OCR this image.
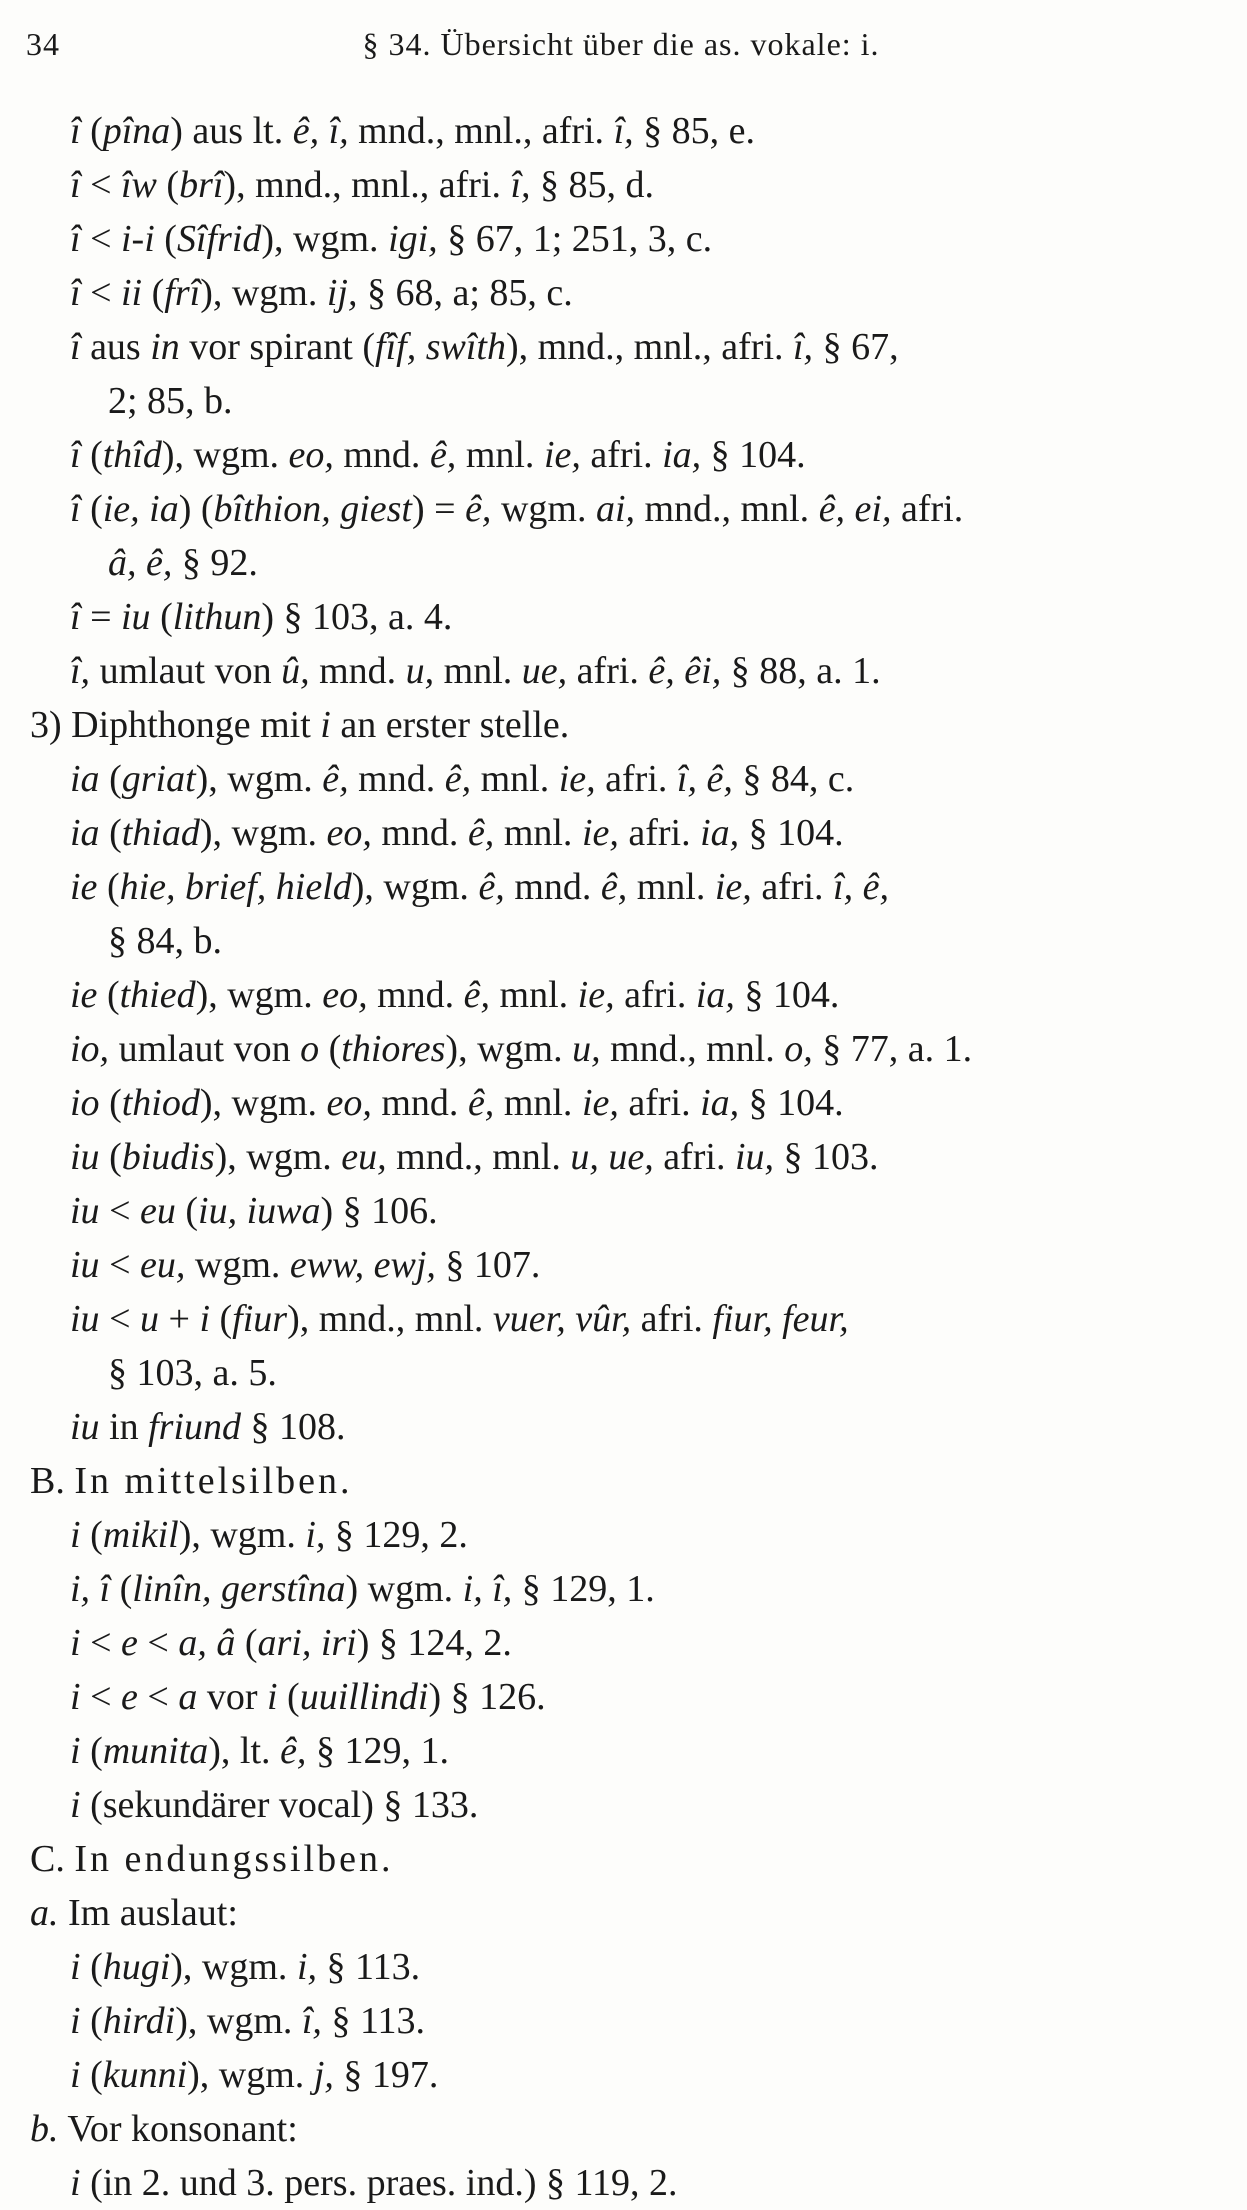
34	§ 34. Übersicht über die as. vokale: i.
î (pîna) aus lt. ê, î, mnd., mnl., afri. î, § 85, e.
î < îw (brî), mnd., mnl., afri. î, § 85, d.
î < i-i (Sîfrid), wgm. igi, § 67, 1; 251, 3, c.
î < ii (frî), wgm. ij, § 68, a; 85, c.
î aus in vor spirant (fîf, swîth), mnd., mnl., afri. î, § 67,
2; 85, b.
î (thîd), wgm. eo, mnd. ê, mnl. ie, afri. ia, § 104.
î (ie, ia) (bîthion, giest) = ê, wgm. ai, mnd., mnl. ê, ei, afri.
â, ê, § 92.
î = iu (lithun) § 103, a. 4.
î, umlaut von û, mnd. u, mnl. ue, afri. ê, êi, § 88, a. 1.
3) Diphthonge mit i an erster stelle.
ia (griat), wgm. ê, mnd. ê, mnl. ie, afri. î, ê, § 84, c.
ia (thiad), wgm. eo, mnd. ê, mnl. ie, afri. ia, § 104.
ie (hie, brief, hield), wgm. ê, mnd. ê, mnl. ie, afri. î, ê,
§ 84, b.
ie (thied), wgm. eo, mnd. ê, mnl. ie, afri. ia, § 104.
io, umlaut von o (thiores), wgm. u, mnd., mnl. o, § 77, a. 1.
io (thiod), wgm. eo, mnd. ê, mnl. ie, afri. ia, § 104.
iu (biudis), wgm. eu, mnd., mnl. u, ue, afri. iu, § 103.
iu < eu (iu, iuwa) § 106.
iu < eu, wgm. eww, ewj, § 107.
iu < u + i (fiur), mnd., mnl. vuer, vûr, afri. fiur, feur,
§ 103, a. 5.
iu in friund § 108.
B. In mittelsilben.
i (mikil), wgm. i, § 129, 2.
i, î (linîn, gerstîna) wgm. i, î, § 129, 1.
i < e < a, â (ari, iri) § 124, 2.
i < e < a vor i (uuillindi) § 126.
i (munita), lt. ê, § 129, 1.
i (sekundärer vocal) § 133.
C. In endungssilben.
a. Im auslaut:
i (hugi), wgm. i, § 113.
i (hirdi), wgm. î, § 113.
i (kunni), wgm. j, § 197.
b. Vor konsonant:
i (in 2. und 3. pers. praes. ind.) § 119, 2.
